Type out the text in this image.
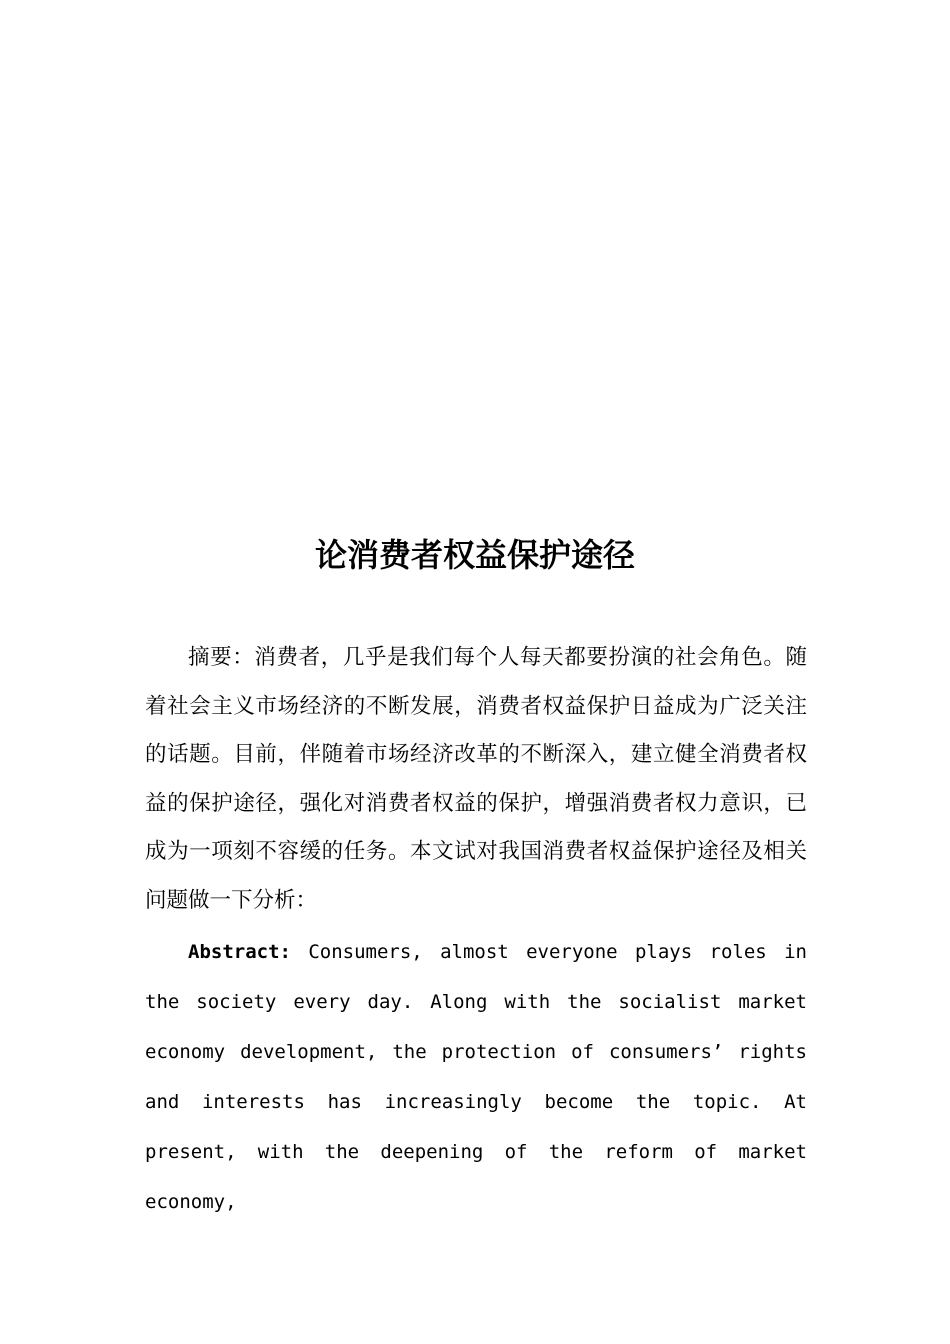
论消费者权益保护途径

摘要：消费者，几乎是我们每个人每天都要扮演的社会角色。随着社会主义市场经济的不断发展，消费者权益保护日益成为广泛关注的话题。目前，伴随着市场经济改革的不断深入，建立健全消费者权益的保护途径，强化对消费者权益的保护，增强消费者权力意识，已成为一项刻不容缓的任务。本文试对我国消费者权益保护途径及相关问题做一下分析：

Abstract: Consumers, almost everyone plays roles in the society every day. Along with the socialist market economy development, the protection of consumers’ rights and interests has increasingly become the topic. At present, with the deepening of the reform of market economy,
